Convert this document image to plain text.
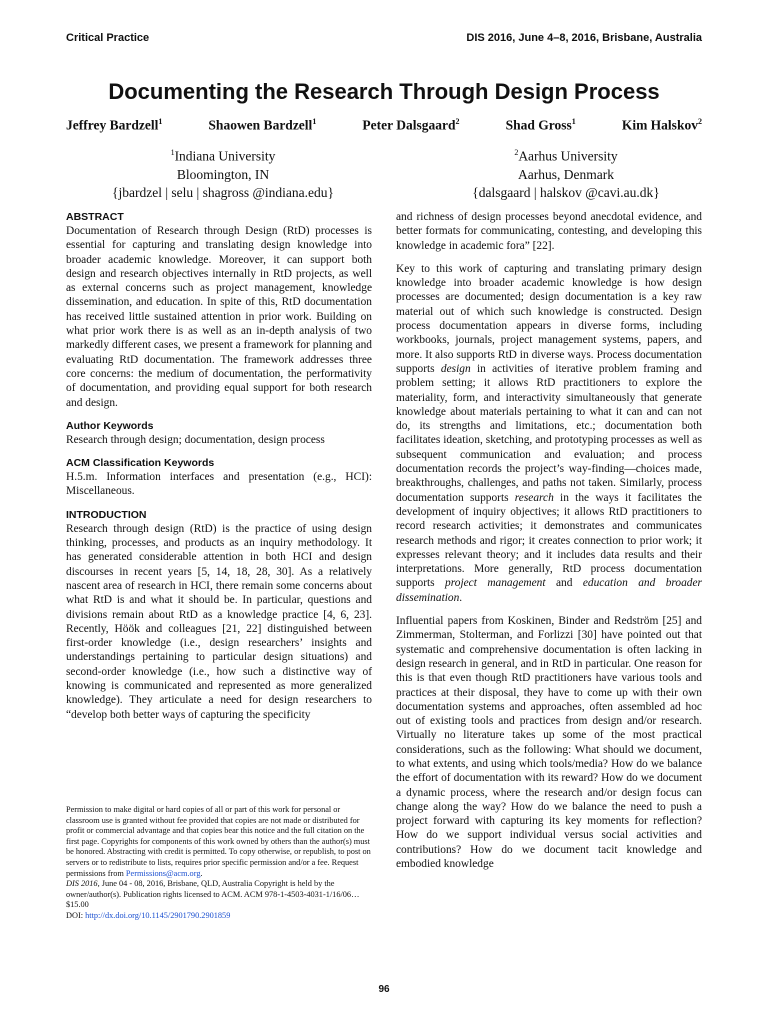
Critical Practice	DIS 2016, June 4–8, 2016, Brisbane, Australia
Documenting the Research Through Design Process
Jeffrey Bardzell$^1$	Shaowen Bardzell$^1$	Peter Dalsgaard$^2$	Shad Gross$^1$	Kim Halskov$^2$
$^1$Indiana University
Bloomington, IN
{jbardzel | selu | shagross @indiana.edu}
$^2$Aarhus University
Aarhus, Denmark
{dalsgaard | halskov @cavi.au.dk}
ABSTRACT

Documentation of Research through Design (RtD) processes is essential for capturing and translating design knowledge into broader academic knowledge. Moreover, it can support both design and research objectives internally in RtD projects, as well as external concerns such as project management, knowledge dissemination, and education. In spite of this, RtD documentation has received little sustained attention in prior work. Building on what prior work there is as well as an in-depth analysis of two markedly different cases, we present a framework for planning and evaluating RtD documentation. The framework addresses three core concerns: the medium of documentation, the performativity of documentation, and providing equal support for both research and design.

Author Keywords

Research through design; documentation, design process

ACM Classification Keywords

H.5.m. Information interfaces and presentation (e.g., HCI): Miscellaneous.

INTRODUCTION

Research through design (RtD) is the practice of using design thinking, processes, and products as an inquiry methodology. It has generated considerable attention in both HCI and design discourses in recent years [5, 14, 18, 28, 30]. As a relatively nascent area of research in HCI, there remain some concerns about what RtD is and what it should be. In particular, questions and divisions remain about RtD as a knowledge practice [4, 6, 23]. Recently, Höök and colleagues [21, 22] distinguished between first-order knowledge (i.e., design researchers’ insights and understandings pertaining to particular design situations) and second-order knowledge (i.e., how such a distinctive way of knowing is communicated and represented as more generalized knowledge). They articulate a need for design researchers to “develop both better ways of capturing the specificity

Permission to make digital or hard copies of all or part of this work for personal or classroom use is granted without fee provided that copies are not made or distributed for profit or commercial advantage and that copies bear this notice and the full citation on the first page. Copyrights for components of this work owned by others than the author(s) must be honored. Abstracting with credit is permitted. To copy otherwise, or republish, to post on servers or to redistribute to lists, requires prior specific permission and/or a fee. Request permissions from Permissions@acm.org.

DIS 2016, June 04 - 08, 2016, Brisbane, QLD, Australia Copyright is held by the owner/author(s). Publication rights licensed to ACM. ACM 978-1-4503-4031-1/16/06…$15.00

DOI: http://dx.doi.org/10.1145/2901790.2901859

and richness of design processes beyond anecdotal evidence, and better formats for communicating, contesting, and developing this knowledge in academic fora” [22].

Key to this work of capturing and translating primary design knowledge into broader academic knowledge is how design processes are documented; design documentation is a key raw material out of which such knowledge is constructed. Design process documentation appears in diverse forms, including workbooks, journals, project management systems, papers, and more. It also supports RtD in diverse ways. Process documentation supports design in activities of iterative problem framing and problem setting; it allows RtD practitioners to explore the materiality, form, and interactivity simultaneously that generate knowledge about materials pertaining to what it can and can not do, its strengths and limitations, etc.; documentation both facilitates ideation, sketching, and prototyping processes as well as subsequent communication and evaluation; and process documentation records the project’s way-finding—choices made, breakthroughs, challenges, and paths not taken. Similarly, process documentation supports research in the ways it facilitates the development of inquiry objectives; it allows RtD practitioners to record research activities; it demonstrates and communicates research methods and rigor; it creates connection to prior work; it expresses relevant theory; and it includes data results and their interpretations. More generally, RtD process documentation supports project management and education and broader dissemination.

Influential papers from Koskinen, Binder and Redström [25] and Zimmerman, Stolterman, and Forlizzi [30] have pointed out that systematic and comprehensive documentation is often lacking in design research in general, and in RtD in particular. One reason for this is that even though RtD practitioners have various tools and practices at their disposal, they have to come up with their own documentation systems and approaches, often assembled ad hoc out of existing tools and practices from design and/or research. Virtually no literature takes up some of the most practical considerations, such as the following: What should we document, to what extents, and using which tools/media? How do we balance the effort of documentation with its reward? How do we document a dynamic process, where the research and/or design focus can change along the way? How do we balance the need to push a project forward with capturing its key moments for reflection? How do we support individual versus social activities and contributions? How do we document tacit knowledge and embodied knowledge

96
